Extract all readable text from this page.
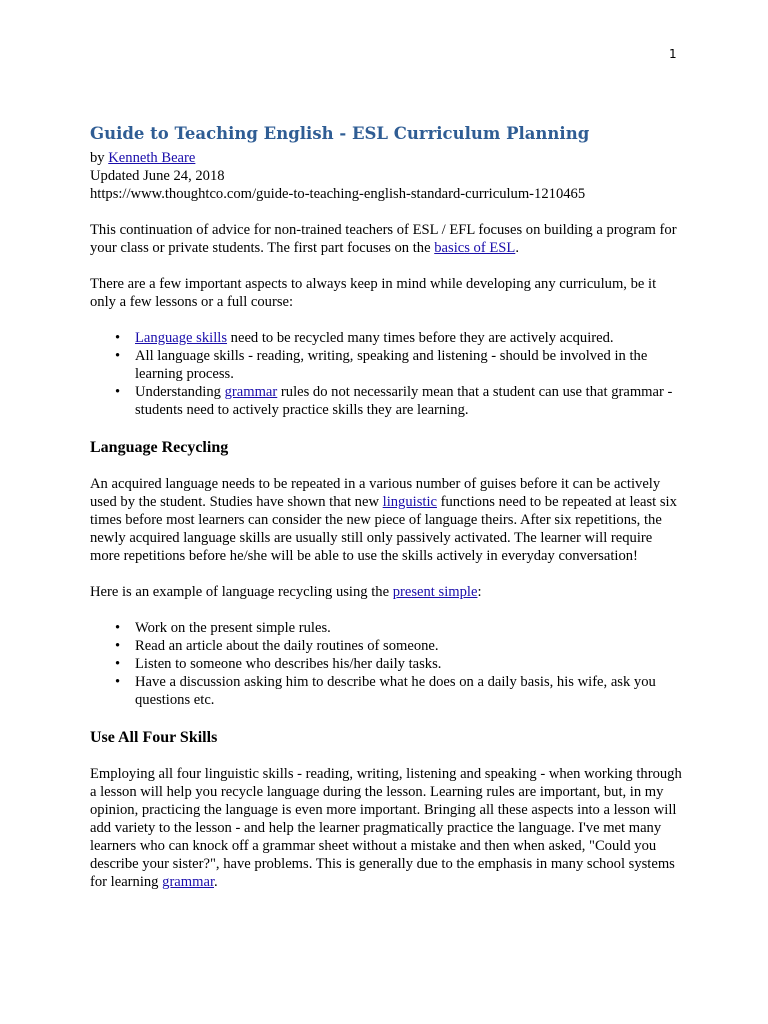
1
Guide to Teaching English - ESL Curriculum Planning

by Kenneth Beare

Updated June 24, 2018

https://www.thoughtco.com/guide-to-teaching-english-standard-curriculum-1210465

This continuation of advice for non-trained teachers of ESL / EFL focuses on building a program for your class or private students. The first part focuses on the basics of ESL.

There are a few important aspects to always keep in mind while developing any curriculum, be it only a few lessons or a full course:

• Language skills need to be recycled many times before they are actively acquired.
• All language skills - reading, writing, speaking and listening - should be involved in the learning process.
• Understanding grammar rules do not necessarily mean that a student can use that grammar - students need to actively practice skills they are learning.
Language Recycling

An acquired language needs to be repeated in a various number of guises before it can be actively used by the student. Studies have shown that new linguistic functions need to be repeated at least six times before most learners can consider the new piece of language theirs. After six repetitions, the newly acquired language skills are usually still only passively activated. The learner will require more repetitions before he/she will be able to use the skills actively in everyday conversation!

Here is an example of language recycling using the present simple:

• Work on the present simple rules.
• Read an article about the daily routines of someone.
• Listen to someone who describes his/her daily tasks.
• Have a discussion asking him to describe what he does on a daily basis, his wife, ask you questions etc.
Use All Four Skills

Employing all four linguistic skills - reading, writing, listening and speaking - when working through a lesson will help you recycle language during the lesson. Learning rules are important, but, in my opinion, practicing the language is even more important. Bringing all these aspects into a lesson will add variety to the lesson - and help the learner pragmatically practice the language. I've met many learners who can knock off a grammar sheet without a mistake and then when asked, "Could you describe your sister?", have problems. This is generally due to the emphasis in many school systems for learning grammar.
